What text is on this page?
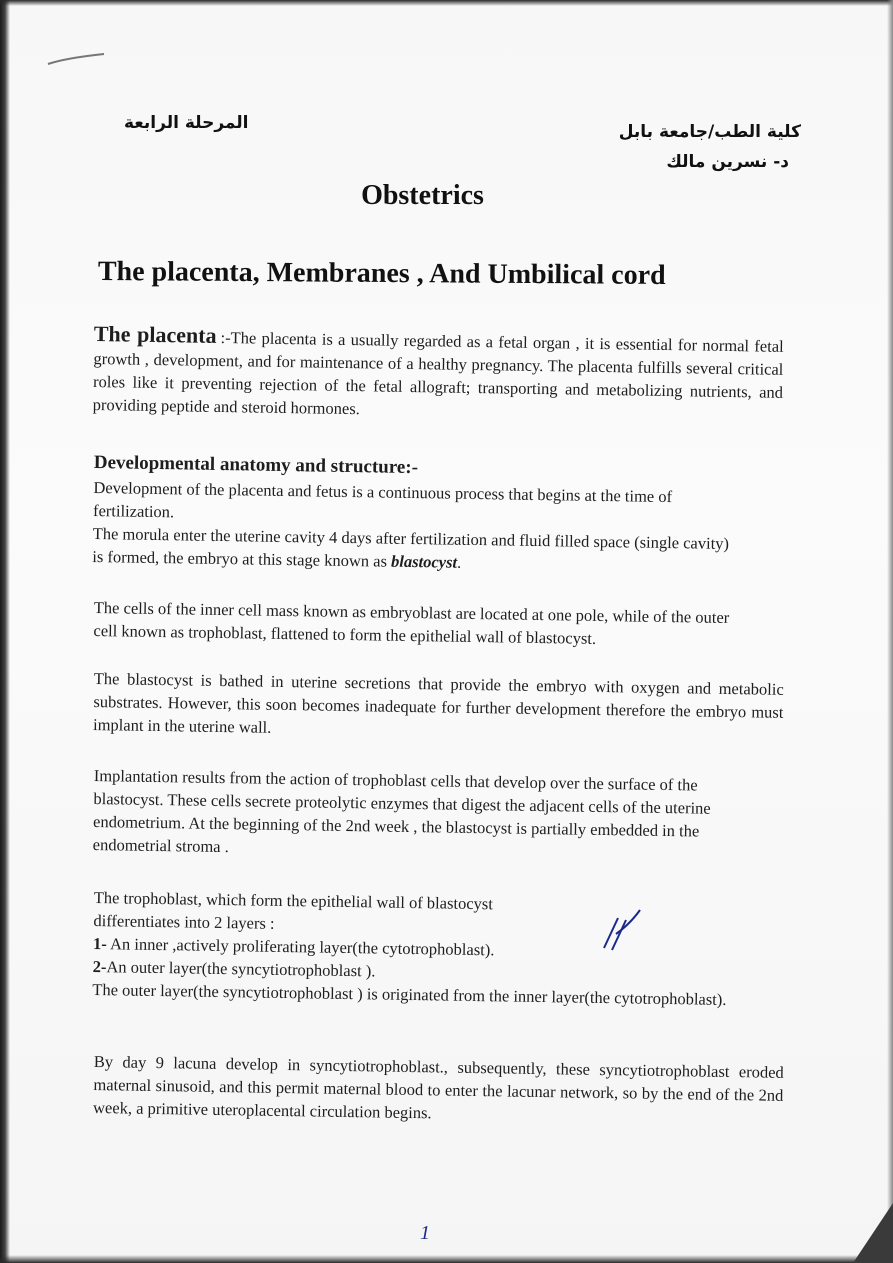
المرحلة الرابعة	كلية الطب/جامعة بابل
د- نسرين مالك
Obstetrics
The placenta, Membranes , And Umbilical cord
The placenta :-The placenta is a usually regarded as a fetal organ , it is essential for normal fetal growth , development, and for maintenance of a healthy pregnancy. The placenta fulfills several critical roles like it preventing rejection of the fetal allograft; transporting and metabolizing nutrients, and providing peptide and steroid hormones.
Developmental anatomy and structure:-
Development of the placenta and fetus is a continuous process that begins at the time of fertilization.
The morula enter the uterine cavity 4 days after fertilization and fluid filled space (single cavity) is formed, the embryo at this stage known as blastocyst.
The cells of the inner cell mass known as embryoblast are located at one pole, while of the outer cell known as trophoblast, flattened to form the epithelial wall of blastocyst.
The blastocyst is bathed in uterine secretions that provide the embryo with oxygen and metabolic substrates. However, this soon becomes inadequate for further development therefore the embryo must implant in the uterine wall.
Implantation results from the action of trophoblast cells that develop over the surface of the blastocyst. These cells secrete proteolytic enzymes that digest the adjacent cells of the uterine endometrium. At the beginning of the 2nd week , the blastocyst is partially embedded in the endometrial stroma .
The trophoblast, which form the epithelial wall of blastocyst
differentiates into 2 layers :
1- An inner ,actively proliferating layer(the cytotrophoblast).
2-An outer layer(the syncytiotrophoblast ).
The outer layer(the syncytiotrophoblast ) is originated from the inner layer(the cytotrophoblast).
By day 9 lacuna develop in syncytiotrophoblast., subsequently, these syncytiotrophoblast eroded maternal sinusoid, and this permit maternal blood to enter the lacunar network, so by the end of the 2nd week, a primitive uteroplacental circulation begins.
1
